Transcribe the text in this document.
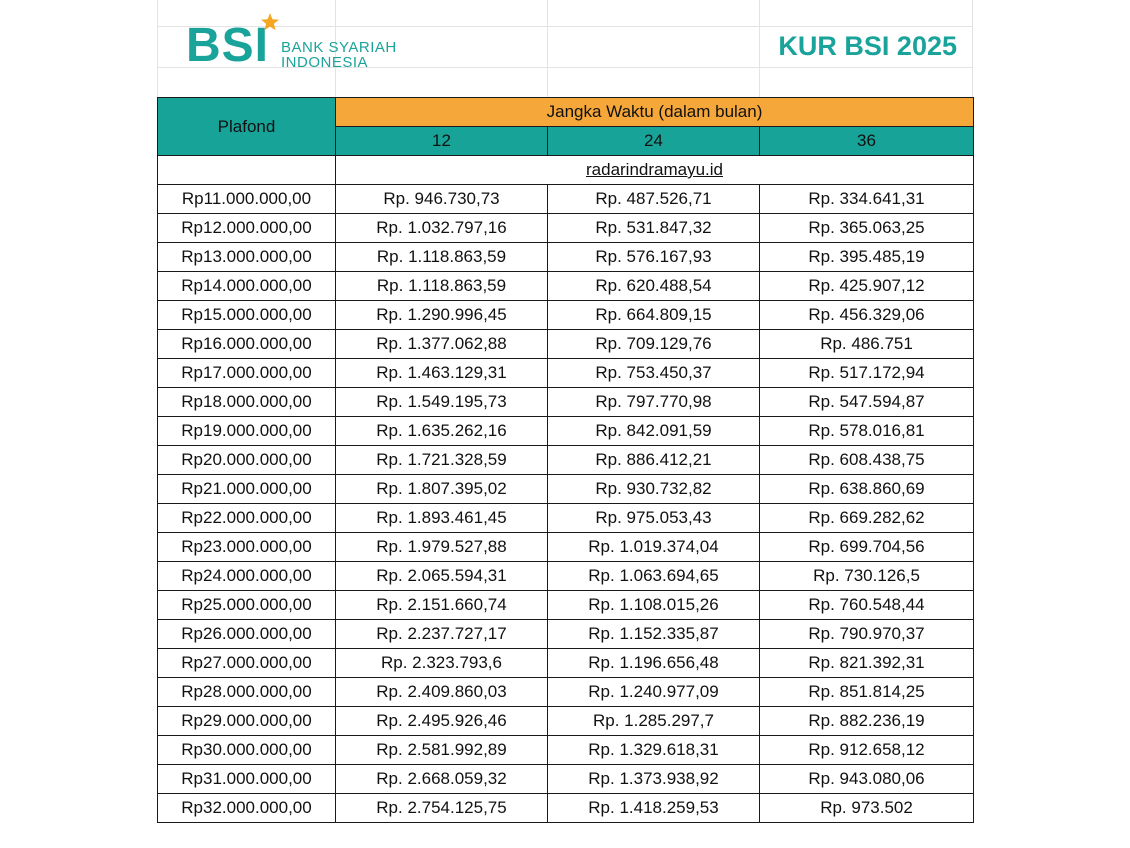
BSI BANK SYARIAH
INDONESIA
KUR BSI 2025
Plafond	Jangka Waktu (dalam bulan)		
	12	24	36
	radarindramayu.id		
Rp11.000.000,00	Rp. 946.730,73	Rp. 487.526,71	Rp. 334.641,31
Rp12.000.000,00	Rp. 1.032.797,16	Rp. 531.847,32	Rp. 365.063,25
Rp13.000.000,00	Rp. 1.118.863,59	Rp. 576.167,93	Rp. 395.485,19
Rp14.000.000,00	Rp. 1.118.863,59	Rp. 620.488,54	Rp. 425.907,12
Rp15.000.000,00	Rp. 1.290.996,45	Rp. 664.809,15	Rp. 456.329,06
Rp16.000.000,00	Rp. 1.377.062,88	Rp. 709.129,76	Rp. 486.751
Rp17.000.000,00	Rp. 1.463.129,31	Rp. 753.450,37	Rp. 517.172,94
Rp18.000.000,00	Rp. 1.549.195,73	Rp. 797.770,98	Rp. 547.594,87
Rp19.000.000,00	Rp. 1.635.262,16	Rp. 842.091,59	Rp. 578.016,81
Rp20.000.000,00	Rp. 1.721.328,59	Rp. 886.412,21	Rp. 608.438,75
Rp21.000.000,00	Rp. 1.807.395,02	Rp. 930.732,82	Rp. 638.860,69
Rp22.000.000,00	Rp. 1.893.461,45	Rp. 975.053,43	Rp. 669.282,62
Rp23.000.000,00	Rp. 1.979.527,88	Rp. 1.019.374,04	Rp. 699.704,56
Rp24.000.000,00	Rp. 2.065.594,31	Rp. 1.063.694,65	Rp. 730.126,5
Rp25.000.000,00	Rp. 2.151.660,74	Rp. 1.108.015,26	Rp. 760.548,44
Rp26.000.000,00	Rp. 2.237.727,17	Rp. 1.152.335,87	Rp. 790.970,37
Rp27.000.000,00	Rp. 2.323.793,6	Rp. 1.196.656,48	Rp. 821.392,31
Rp28.000.000,00	Rp. 2.409.860,03	Rp. 1.240.977,09	Rp. 851.814,25
Rp29.000.000,00	Rp. 2.495.926,46	Rp. 1.285.297,7	Rp. 882.236,19
Rp30.000.000,00	Rp. 2.581.992,89	Rp. 1.329.618,31	Rp. 912.658,12
Rp31.000.000,00	Rp. 2.668.059,32	Rp. 1.373.938,92	Rp. 943.080,06
Rp32.000.000,00	Rp. 2.754.125,75	Rp. 1.418.259,53	Rp. 973.502
